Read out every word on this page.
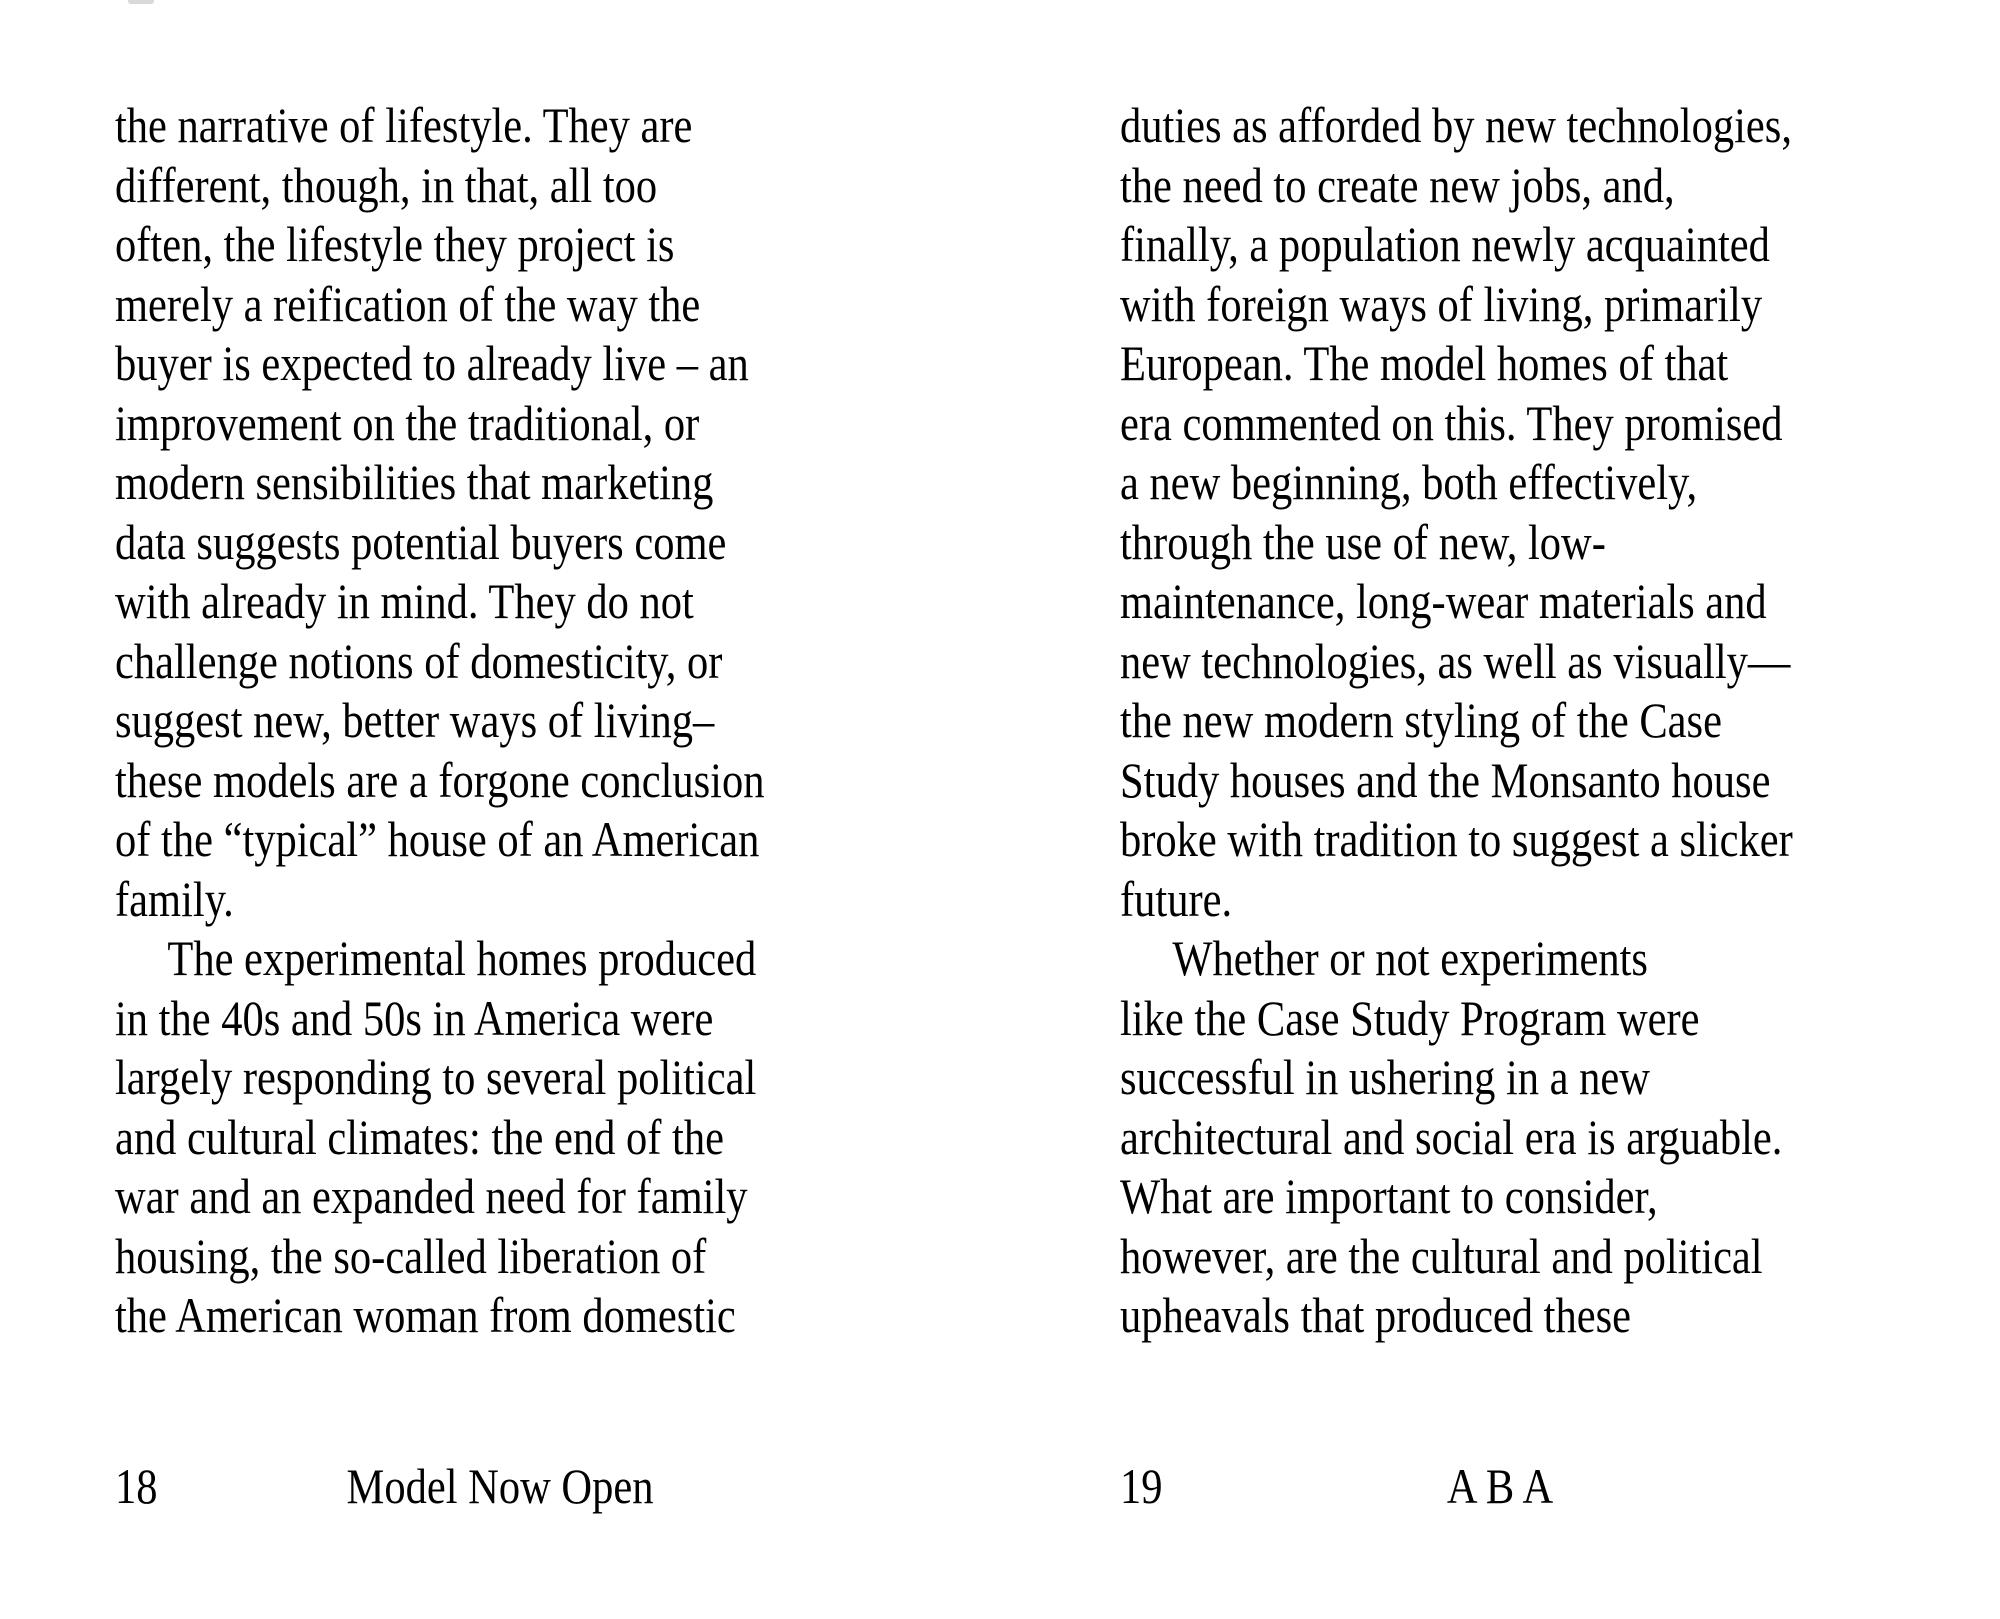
the narrative of lifestyle. They are
different, though, in that, all too
often, the lifestyle they project is
merely a reification of the way the
buyer is expected to already live – an
improvement on the traditional, or
modern sensibilities that marketing
data suggests potential buyers come
with already in mind. They do not
challenge notions of domesticity, or
suggest new, better ways of living–
these models are a forgone conclusion
of the “typical” house of an American
family.
The experimental homes produced
in the 40s and 50s in America were
largely responding to several political
and cultural climates: the end of the
war and an expanded need for family
housing, the so-called liberation of
the American woman from domestic
18	Model Now Open
duties as afforded by new technologies,
the need to create new jobs, and,
finally, a population newly acquainted
with foreign ways of living, primarily
European. The model homes of that
era commented on this. They promised
a new beginning, both effectively,
through the use of new, low-
maintenance, long-wear materials and
new technologies, as well as visually—
the new modern styling of the Case
Study houses and the Monsanto house
broke with tradition to suggest a slicker
future.
Whether or not experiments
like the Case Study Program were
successful in ushering in a new
architectural and social era is arguable.
What are important to consider,
however, are the cultural and political
upheavals that produced these
19	A B A
